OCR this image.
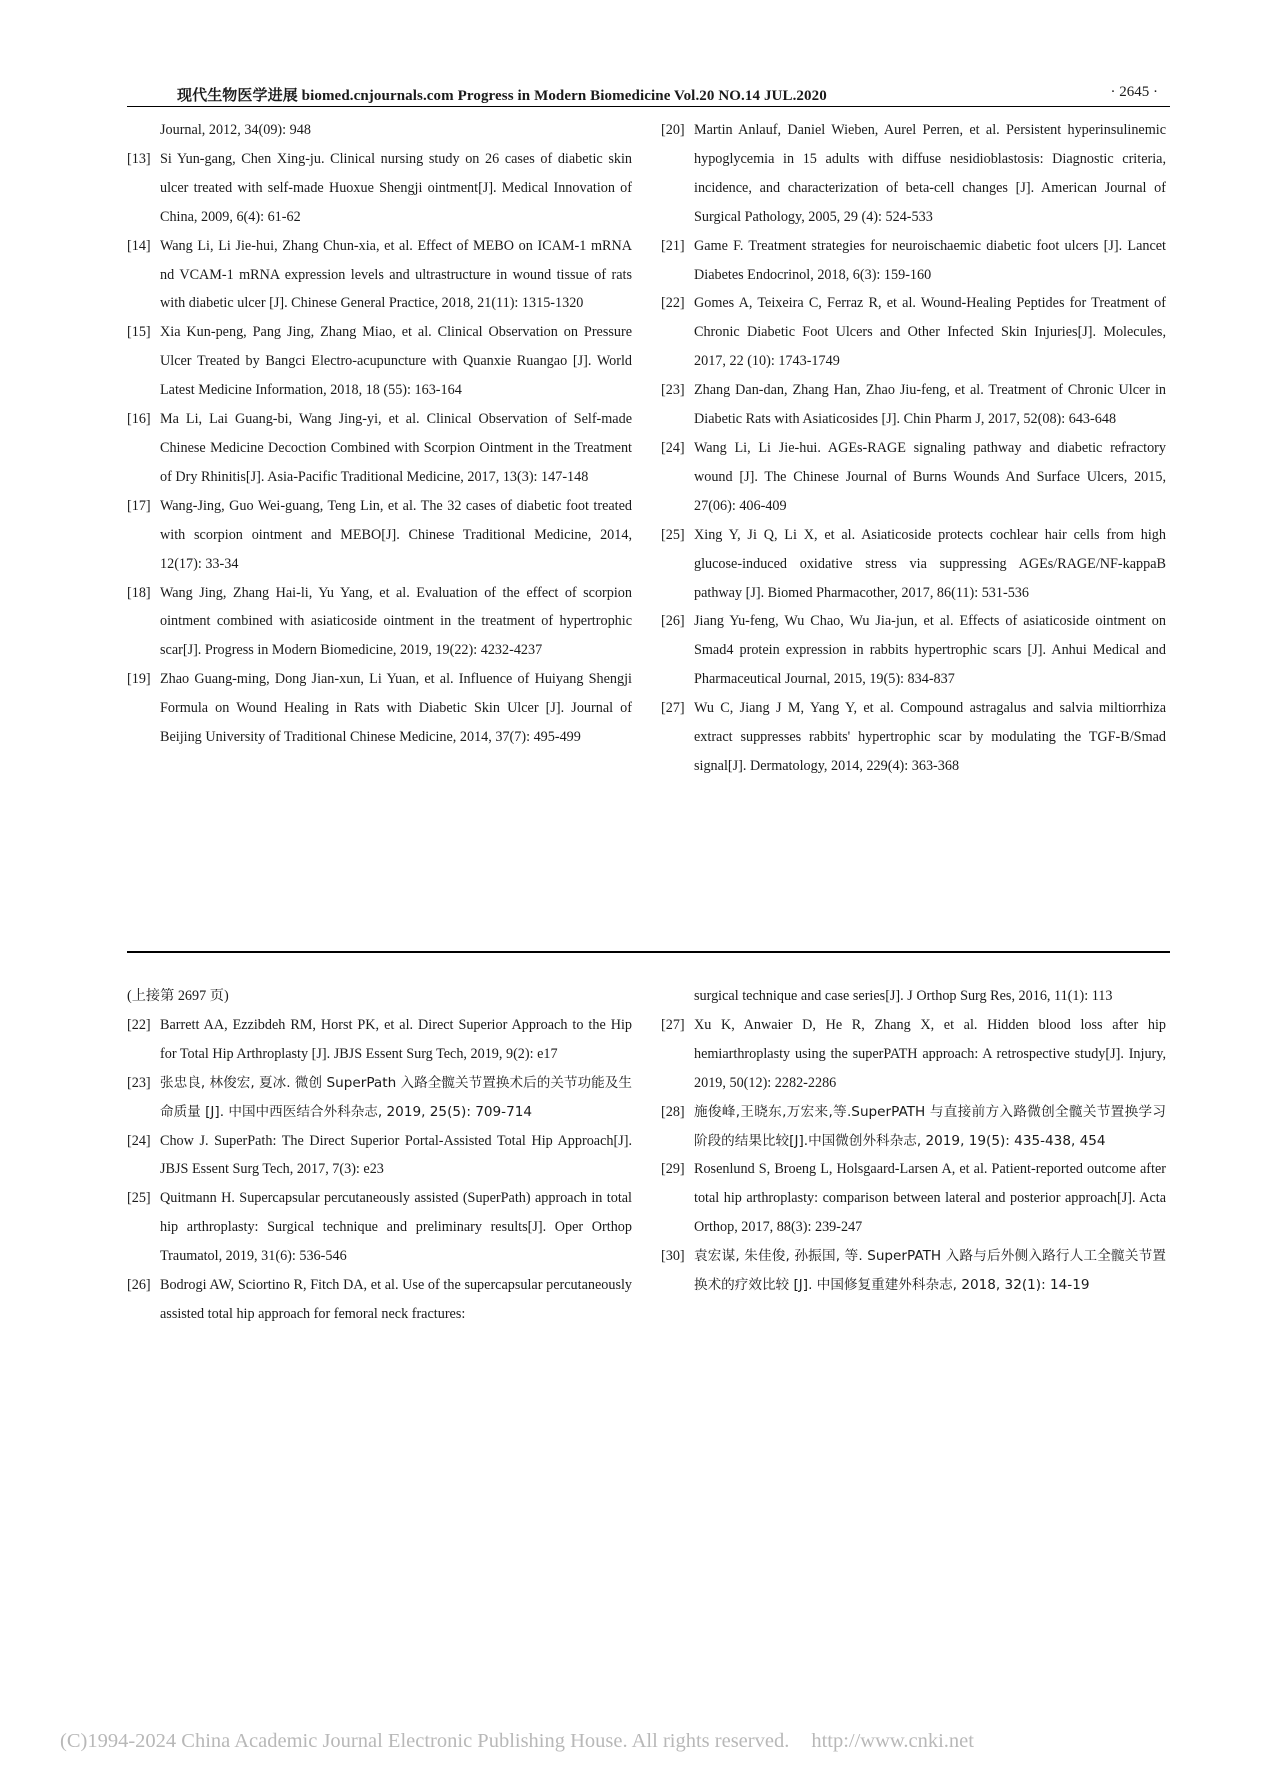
现代生物医学进展 biomed.cnjournals.com Progress in Modern Biomedicine Vol.20 NO.14 JUL.2020	· 2645 ·

Journal, 2012, 34(09): 948

[13] Si Yun-gang, Chen Xing-ju. Clinical nursing study on 26 cases of diabetic skin ulcer treated with self-made Huoxue Shengji ointment[J]. Medical Innovation of China, 2009, 6(4): 61-62

[14] Wang Li, Li Jie-hui, Zhang Chun-xia, et al. Effect of MEBO on ICAM-1 mRNA nd VCAM-1 mRNA expression levels and ultrastructure in wound tissue of rats with diabetic ulcer [J]. Chinese General Practice, 2018, 21(11): 1315-1320

[15] Xia Kun-peng, Pang Jing, Zhang Miao, et al. Clinical Observation on Pressure Ulcer Treated by Bangci Electro-acupuncture with Quanxie Ruangao [J]. World Latest Medicine Information, 2018, 18 (55): 163-164

[16] Ma Li, Lai Guang-bi, Wang Jing-yi, et al. Clinical Observation of Self-made Chinese Medicine Decoction Combined with Scorpion Ointment in the Treatment of Dry Rhinitis[J]. Asia-Pacific Traditional Medicine, 2017, 13(3): 147-148

[17] Wang-Jing, Guo Wei-guang, Teng Lin, et al. The 32 cases of diabetic foot treated with scorpion ointment and MEBO[J]. Chinese Traditional Medicine, 2014, 12(17): 33-34

[18] Wang Jing, Zhang Hai-li, Yu Yang, et al. Evaluation of the effect of scorpion ointment combined with asiaticoside ointment in the treatment of hypertrophic scar[J]. Progress in Modern Biomedicine, 2019, 19(22): 4232-4237

[19] Zhao Guang-ming, Dong Jian-xun, Li Yuan, et al. Influence of Huiyang Shengji Formula on Wound Healing in Rats with Diabetic Skin Ulcer [J]. Journal of Beijing University of Traditional Chinese Medicine, 2014, 37(7): 495-499

[20] Martin Anlauf, Daniel Wieben, Aurel Perren, et al. Persistent hyperinsulinemic hypoglycemia in 15 adults with diffuse nesidioblastosis: Diagnostic criteria, incidence, and characterization of beta-cell changes [J]. American Journal of Surgical Pathology, 2005, 29 (4): 524-533

[21] Game F. Treatment strategies for neuroischaemic diabetic foot ulcers [J]. Lancet Diabetes Endocrinol, 2018, 6(3): 159-160

[22] Gomes A, Teixeira C, Ferraz R, et al. Wound-Healing Peptides for Treatment of Chronic Diabetic Foot Ulcers and Other Infected Skin Injuries[J]. Molecules, 2017, 22 (10): 1743-1749

[23] Zhang Dan-dan, Zhang Han, Zhao Jiu-feng, et al. Treatment of Chronic Ulcer in Diabetic Rats with Asiaticosides [J]. Chin Pharm J, 2017, 52(08): 643-648

[24] Wang Li, Li Jie-hui. AGEs-RAGE signaling pathway and diabetic refractory wound [J]. The Chinese Journal of Burns Wounds And Surface Ulcers, 2015, 27(06): 406-409

[25] Xing Y, Ji Q, Li X, et al. Asiaticoside protects cochlear hair cells from high glucose-induced oxidative stress via suppressing AGEs/RAGE/NF-kappaB pathway [J]. Biomed Pharmacother, 2017, 86(11): 531-536

[26] Jiang Yu-feng, Wu Chao, Wu Jia-jun, et al. Effects of asiaticoside ointment on Smad4 protein expression in rabbits hypertrophic scars [J]. Anhui Medical and Pharmaceutical Journal, 2015, 19(5): 834-837

[27] Wu C, Jiang J M, Yang Y, et al. Compound astragalus and salvia miltiorrhiza extract suppresses rabbits' hypertrophic scar by modulating the TGF-B/Smad signal[J]. Dermatology, 2014, 229(4): 363-368

(上接第 2697 页)

[22] Barrett AA, Ezzibdeh RM, Horst PK, et al. Direct Superior Approach to the Hip for Total Hip Arthroplasty [J]. JBJS Essent Surg Tech, 2019, 9(2): e17

[23] 张忠良, 林俊宏, 夏冰. 微创 SuperPath 入路全髋关节置换术后的关节功能及生命质量 [J]. 中国中西医结合外科杂志, 2019, 25(5): 709-714

[24] Chow J. SuperPath: The Direct Superior Portal-Assisted Total Hip Approach[J]. JBJS Essent Surg Tech, 2017, 7(3): e23

[25] Quitmann H. Supercapsular percutaneously assisted (SuperPath) approach in total hip arthroplasty: Surgical technique and preliminary results[J]. Oper Orthop Traumatol, 2019, 31(6): 536-546

[26] Bodrogi AW, Sciortino R, Fitch DA, et al. Use of the supercapsular percutaneously assisted total hip approach for femoral neck fractures:

surgical technique and case series[J]. J Orthop Surg Res, 2016, 11(1): 113

[27] Xu K, Anwaier D, He R, Zhang X, et al. Hidden blood loss after hip hemiarthroplasty using the superPATH approach: A retrospective study[J]. Injury, 2019, 50(12): 2282-2286

[28] 施俊峰,王晓东,万宏来,等.SuperPATH 与直接前方入路微创全髋关节置换学习阶段的结果比较[J].中国微创外科杂志, 2019, 19(5): 435-438, 454

[29] Rosenlund S, Broeng L, Holsgaard-Larsen A, et al. Patient-reported outcome after total hip arthroplasty: comparison between lateral and posterior approach[J]. Acta Orthop, 2017, 88(3): 239-247

[30] 袁宏谋, 朱佳俊, 孙振国, 等. SuperPATH 入路与后外侧入路行人工全髋关节置换术的疗效比较 [J]. 中国修复重建外科杂志, 2018, 32(1): 14-19

(C)1994-2024 China Academic Journal Electronic Publishing House. All rights reserved. http://www.cnki.net
